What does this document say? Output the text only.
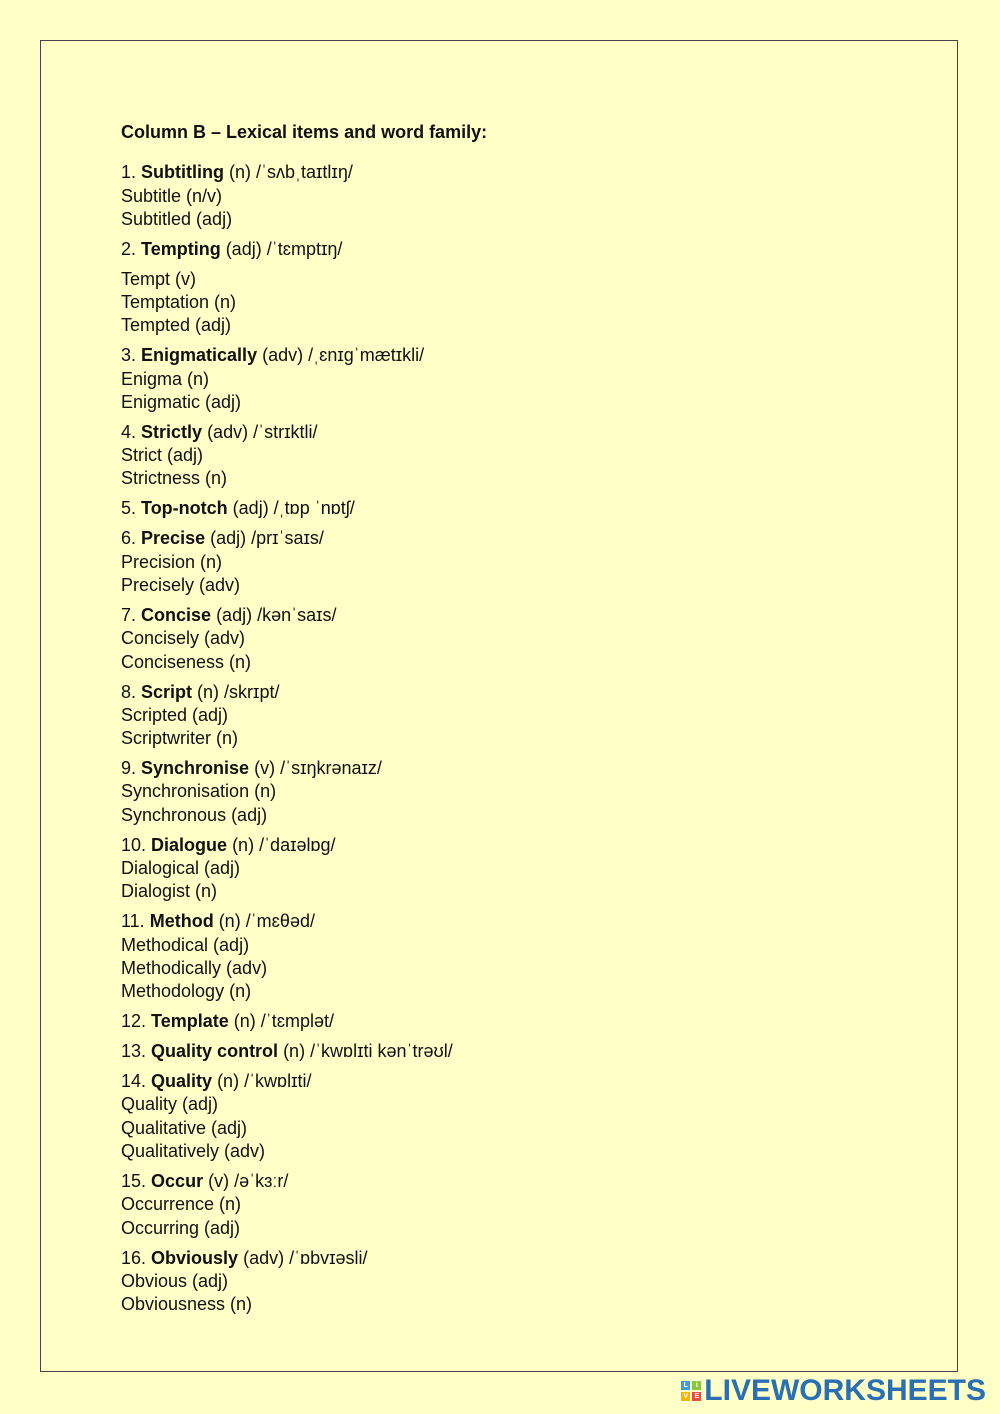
Column B – Lexical items and word family:
1. Subtitling (n) /ˈsʌbˌtaɪtlɪŋ/
Subtitle (n/v)
Subtitled (adj)
2. Tempting (adj) /ˈtɛmptɪŋ/
Tempt (v)
Temptation (n)
Tempted (adj)
3. Enigmatically (adv) /ˌɛnɪɡˈmætɪkli/
Enigma (n)
Enigmatic (adj)
4. Strictly (adv) /ˈstrɪktli/
Strict (adj)
Strictness (n)
5. Top-notch (adj) /ˌtɒp ˈnɒtʃ/
6. Precise (adj) /prɪˈsaɪs/
Precision (n)
Precisely (adv)
7. Concise (adj) /kənˈsaɪs/
Concisely (adv)
Conciseness (n)
8. Script (n) /skrɪpt/
Scripted (adj)
Scriptwriter (n)
9. Synchronise (v) /ˈsɪŋkrənaɪz/
Synchronisation (n)
Synchronous (adj)
10. Dialogue (n) /ˈdaɪəlɒɡ/
Dialogical (adj)
Dialogist (n)
11. Method (n) /ˈmɛθəd/
Methodical (adj)
Methodically (adv)
Methodology (n)
12. Template (n) /ˈtɛmplət/
13. Quality control (n) /ˈkwɒlɪti kənˈtrəʊl/
14. Quality (n) /ˈkwɒlɪti/
Quality (adj)
Qualitative (adj)
Qualitatively (adv)
15. Occur (v) /əˈkɜːr/
Occurrence (n)
Occurring (adj)
16. Obviously (adv) /ˈɒbvɪəsli/
Obvious (adj)
Obviousness (n)
L	i
V E LIVEWORKSHEETS
